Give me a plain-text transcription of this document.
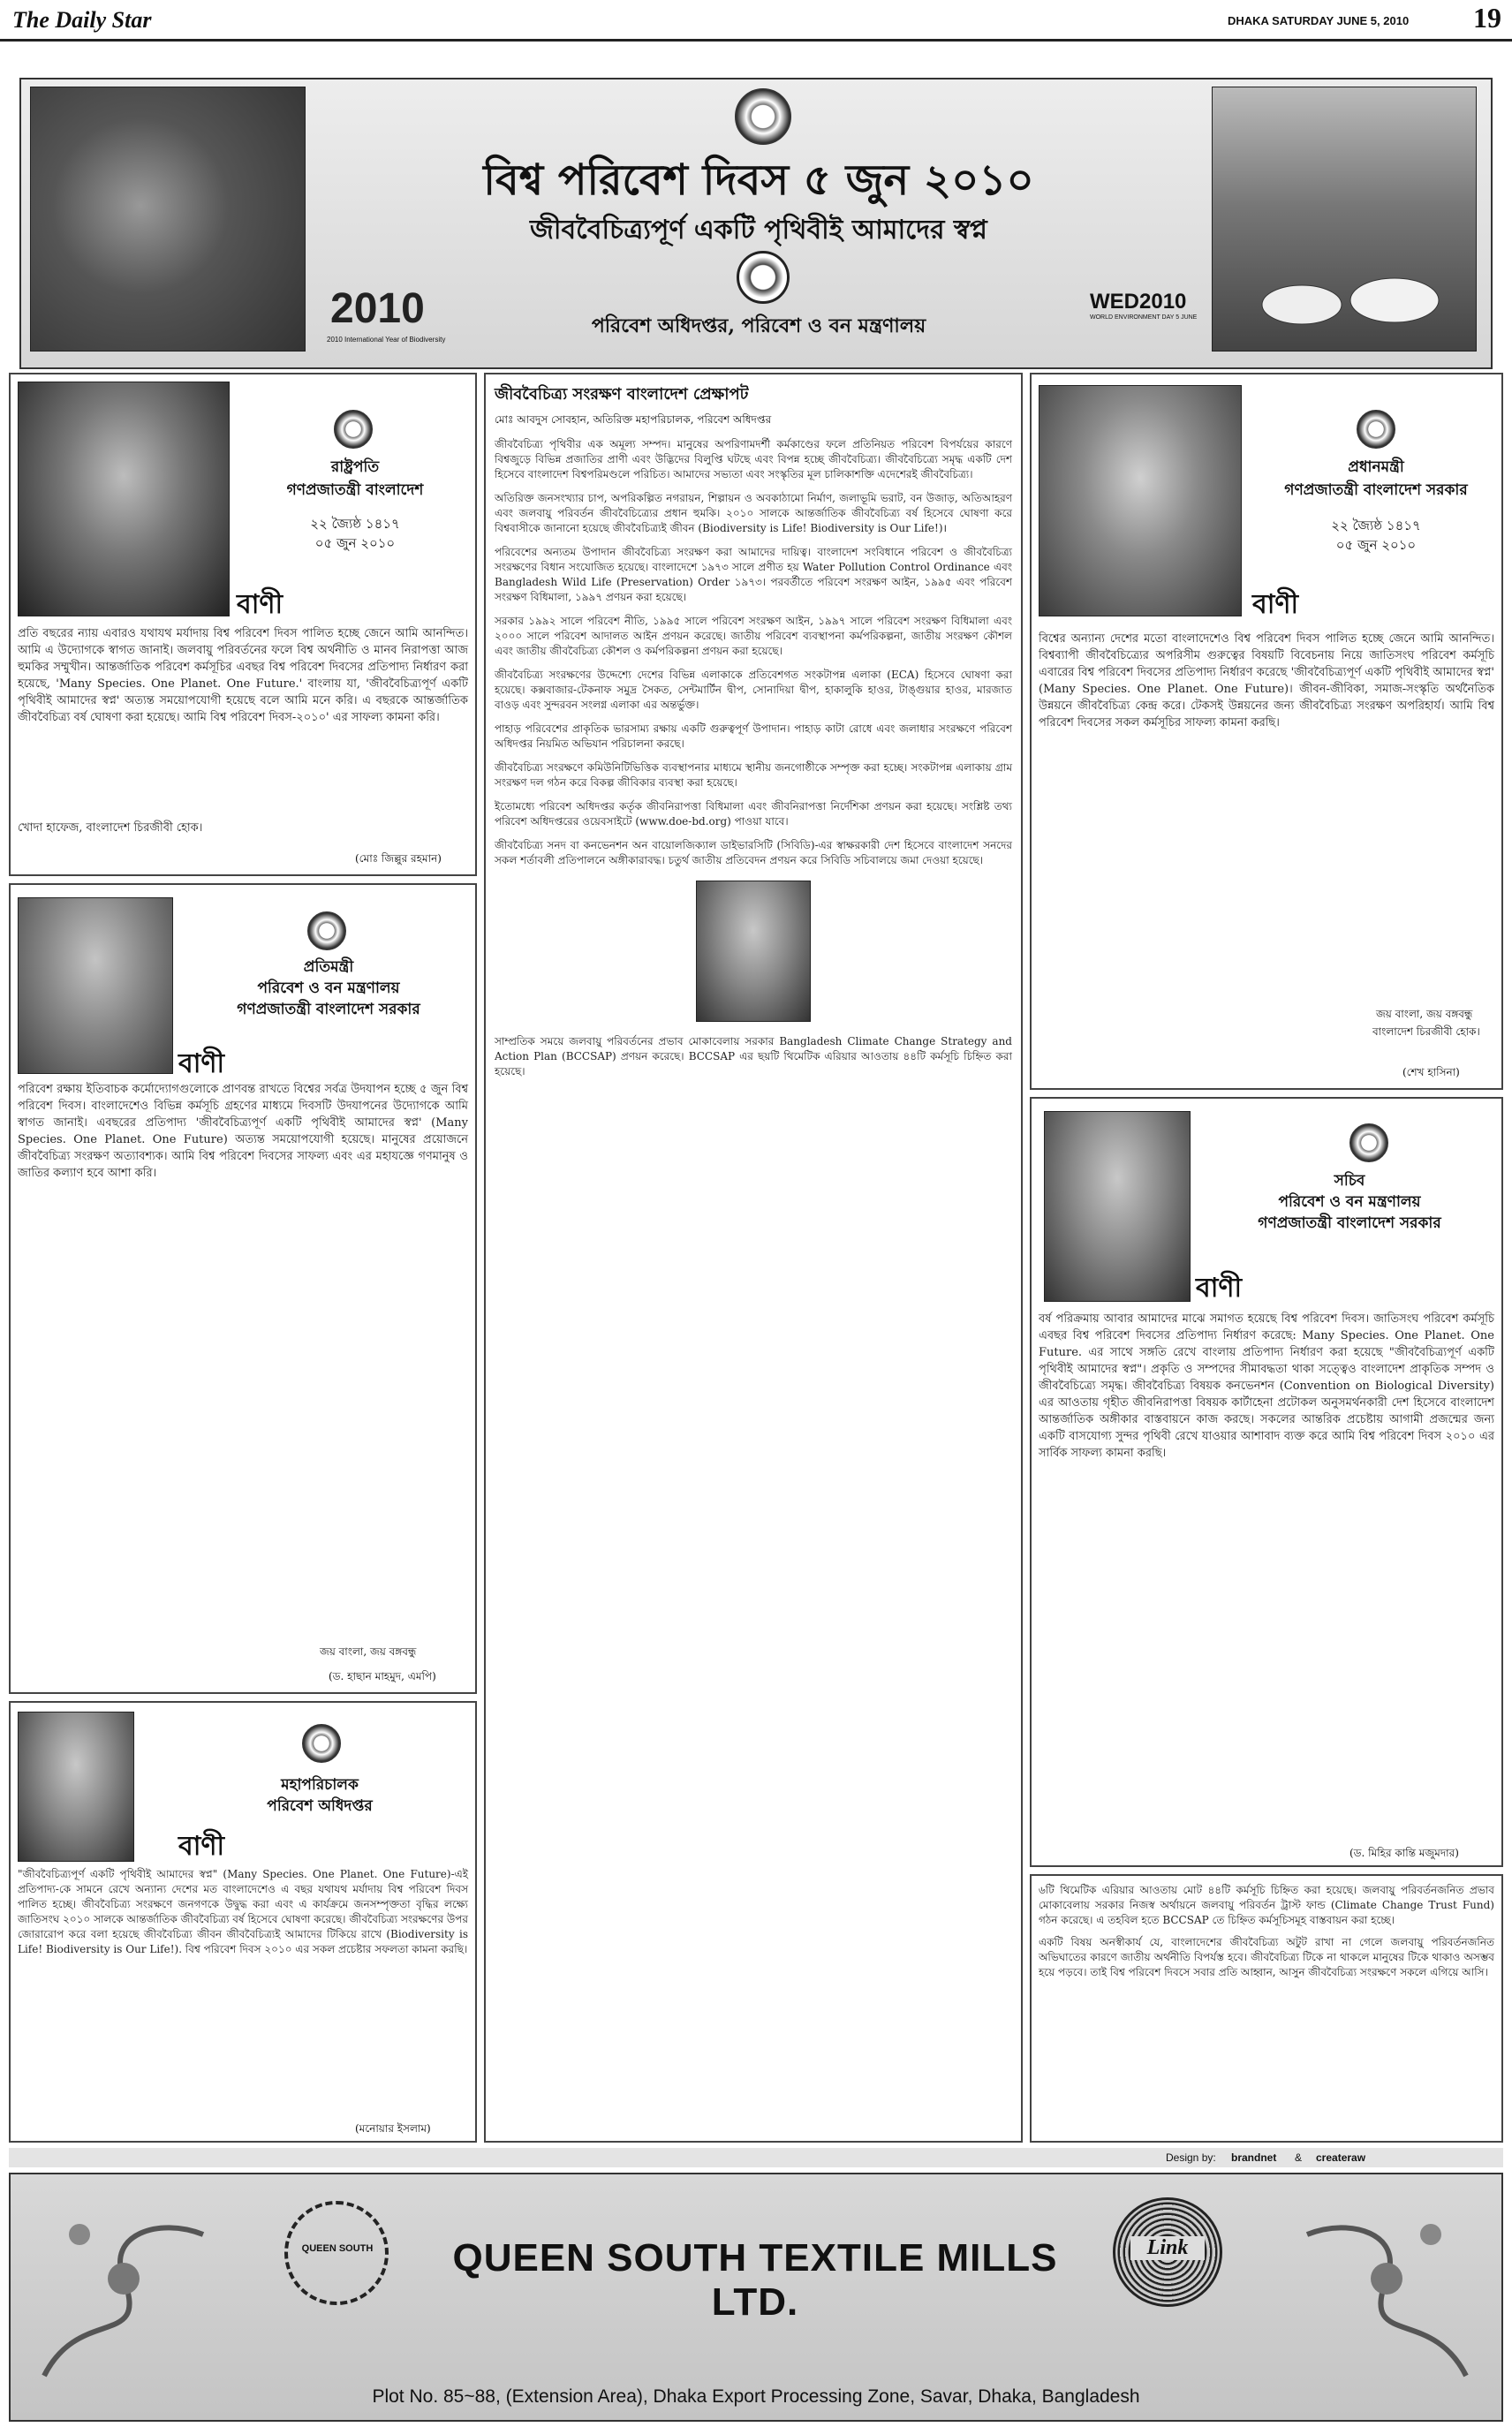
The Daily Star	DHAKA SATURDAY JUNE 5, 2010 19
2010
2010 International Year of Biodiversity
বিশ্ব পরিবেশ দিবস ৫ জুন ২০১০
জীববৈচিত্র্যপূর্ণ একটি পৃথিবীই আমাদের স্বপ্ন
পরিবেশ অধিদপ্তর, পরিবেশ ও বন মন্ত্রণালয়
WED2010
WORLD ENVIRONMENT DAY 5 JUNE
রাষ্ট্রপতি
গণপ্রজাতন্ত্রী বাংলাদেশ
২২ জ্যৈষ্ঠ ১৪১৭
০৫ জুন ২০১০
বাণী

প্রতি বছরের ন্যায় এবারও যথাযথ মর্যাদায় বিশ্ব পরিবেশ দিবস পালিত হচ্ছে জেনে আমি আনন্দিত। আমি এ উদ্যোগকে স্বাগত জানাই। জলবায়ু পরিবর্তনের ফলে বিশ্ব অর্থনীতি ও মানব নিরাপত্তা আজ হুমকির সম্মুখীন। আন্তর্জাতিক পরিবেশ কর্মসূচির এবছর বিশ্ব পরিবেশ দিবসের প্রতিপাদ্য নির্ধারণ করা হয়েছে, 'Many Species. One Planet. One Future.' বাংলায় যা, 'জীববৈচিত্র্যপূর্ণ একটি পৃথিবীই আমাদের স্বপ্ন' অত্যন্ত সময়োপযোগী হয়েছে বলে আমি মনে করি। এ বছরকে আন্তর্জাতিক জীববৈচিত্র্য বর্ষ ঘোষণা করা হয়েছে। আমি বিশ্ব পরিবেশ দিবস-২০১০' এর সাফল্য কামনা করি।

খোদা হাফেজ, বাংলাদেশ চিরজীবী হোক।

(মোঃ জিল্লুর রহমান)
প্রতিমন্ত্রী
পরিবেশ ও বন মন্ত্রণালয়
গণপ্রজাতন্ত্রী বাংলাদেশ সরকার
বাণী

পরিবেশ রক্ষায় ইতিবাচক কর্মোদ্যোগগুলোকে প্রাণবন্ত রাখতে বিশ্বের সর্বত্র উদযাপন হচ্ছে ৫ জুন বিশ্ব পরিবেশ দিবস। বাংলাদেশেও বিভিন্ন কর্মসূচি গ্রহণের মাধ্যমে দিবসটি উদযাপনের উদ্যোগকে আমি স্বাগত জানাই। এবছরের প্রতিপাদ্য 'জীববৈচিত্র্যপূর্ণ একটি পৃথিবীই আমাদের স্বপ্ন' (Many Species. One Planet. One Future) অত্যন্ত সময়োপযোগী হয়েছে। মানুষের প্রয়োজনে জীববৈচিত্র্য সংরক্ষণ অত্যাবশ্যক। আমি বিশ্ব পরিবেশ দিবসের সাফল্য এবং এর মহাযজ্ঞে গণমানুষ ও জাতির কল্যাণ হবে আশা করি।

জয় বাংলা, জয় বঙ্গবন্ধু
(ড. হাছান মাহমুদ, এমপি)
মহাপরিচালক
পরিবেশ অধিদপ্তর
বাণী

"জীববৈচিত্র্যপূর্ণ একটি পৃথিবীই আমাদের স্বপ্ন" (Many Species. One Planet. One Future)-এই প্রতিপাদ্য-কে সামনে রেখে অন্যান্য দেশের মত বাংলাদেশেও এ বছর যথাযথ মর্যাদায় বিশ্ব পরিবেশ দিবস পালিত হচ্ছে। জীববৈচিত্র্য সংরক্ষণে জনগণকে উদ্বুদ্ধ করা এবং এ কার্যক্রমে জনসম্পৃক্ততা বৃদ্ধির লক্ষ্যে জাতিসংঘ ২০১০ সালকে আন্তর্জাতিক জীববৈচিত্র্য বর্ষ হিসেবে ঘোষণা করেছে। জীববৈচিত্র্য সংরক্ষণের উপর জোরারোপ করে বলা হয়েছে জীববৈচিত্র্য জীবন জীববৈচিত্র্যই আমাদের টিকিয়ে রাখে (Biodiversity is Life! Biodiversity is Our Life!). বিশ্ব পরিবেশ দিবস ২০১০ এর সকল প্রচেষ্টার সফলতা কামনা করছি।

(মনোয়ার ইসলাম)
জীববৈচিত্র্য সংরক্ষণ বাংলাদেশ প্রেক্ষাপট
মোঃ আবদুস সোবহান, অতিরিক্ত মহাপরিচালক, পরিবেশ অধিদপ্তর

জীববৈচিত্র্য পৃথিবীর এক অমূল্য সম্পদ। মানুষের অপরিণামদর্শী কর্মকাণ্ডের ফলে প্রতিনিয়ত পরিবেশ বিপর্যয়ের কারণে বিশ্বজুড়ে বিভিন্ন প্রজাতির প্রাণী এবং উদ্ভিদের বিলুপ্তি ঘটছে এবং বিপন্ন হচ্ছে জীববৈচিত্র্য। জীববৈচিত্র্যে সমৃদ্ধ একটি দেশ হিসেবে বাংলাদেশ বিশ্বপরিমণ্ডলে পরিচিত। আমাদের সভ্যতা এবং সংস্কৃতির মূল চালিকাশক্তি এদেশেরই জীববৈচিত্র্য।

অতিরিক্ত জনসংখ্যার চাপ, অপরিকল্পিত নগরায়ন, শিল্পায়ন ও অবকাঠামো নির্মাণ, জলাভূমি ভরাট, বন উজাড়, অতিআহরণ এবং জলবায়ু পরিবর্তন জীববৈচিত্র্যের প্রধান হুমকি। ২০১০ সালকে আন্তর্জাতিক জীববৈচিত্র্য বর্ষ হিসেবে ঘোষণা করে বিশ্ববাসীকে জানানো হয়েছে জীববৈচিত্র্যই জীবন (Biodiversity is Life! Biodiversity is Our Life!)।

পরিবেশের অন্যতম উপাদান জীববৈচিত্র্য সংরক্ষণ করা আমাদের দায়িত্ব। বাংলাদেশ সংবিধানে পরিবেশ ও জীববৈচিত্র্য সংরক্ষণের বিধান সংযোজিত হয়েছে। বাংলাদেশে ১৯৭৩ সালে প্রণীত হয় Water Pollution Control Ordinance এবং Bangladesh Wild Life (Preservation) Order ১৯৭৩। পরবর্তীতে পরিবেশ সংরক্ষণ আইন, ১৯৯৫ এবং পরিবেশ সংরক্ষণ বিধিমালা, ১৯৯৭ প্রণয়ন করা হয়েছে।

সরকার ১৯৯২ সালে পরিবেশ নীতি, ১৯৯৫ সালে পরিবেশ সংরক্ষণ আইন, ১৯৯৭ সালে পরিবেশ সংরক্ষণ বিধিমালা এবং ২০০০ সালে পরিবেশ আদালত আইন প্রণয়ন করেছে। জাতীয় পরিবেশ ব্যবস্থাপনা কর্মপরিকল্পনা, জাতীয় সংরক্ষণ কৌশল এবং জাতীয় জীববৈচিত্র্য কৌশল ও কর্মপরিকল্পনা প্রণয়ন করা হয়েছে।

জীববৈচিত্র্য সংরক্ষণের উদ্দেশ্যে দেশের বিভিন্ন এলাকাকে প্রতিবেশগত সংকটাপন্ন এলাকা (ECA) হিসেবে ঘোষণা করা হয়েছে। কক্সবাজার-টেকনাফ সমুদ্র সৈকত, সেন্টমার্টিন দ্বীপ, সোনাদিয়া দ্বীপ, হাকালুকি হাওর, টাঙ্গুয়ার হাওর, মারজাত বাওড় এবং সুন্দরবন সংলগ্ন এলাকা এর অন্তর্ভুক্ত।

পাহাড় পরিবেশের প্রাকৃতিক ভারসাম্য রক্ষায় একটি গুরুত্বপূর্ণ উপাদান। পাহাড় কাটা রোধে এবং জলাধার সংরক্ষণে পরিবেশ অধিদপ্তর নিয়মিত অভিযান পরিচালনা করছে।

জীববৈচিত্র্য সংরক্ষণে কমিউনিটিভিত্তিক ব্যবস্থাপনার মাধ্যমে স্থানীয় জনগোষ্ঠীকে সম্পৃক্ত করা হচ্ছে। সংকটাপন্ন এলাকায় গ্রাম সংরক্ষণ দল গঠন করে বিকল্প জীবিকার ব্যবস্থা করা হয়েছে।

ইতোমধ্যে পরিবেশ অধিদপ্তর কর্তৃক জীবনিরাপত্তা বিধিমালা এবং জীবনিরাপত্তা নির্দেশিকা প্রণয়ন করা হয়েছে। সংশ্লিষ্ট তথ্য পরিবেশ অধিদপ্তরের ওয়েবসাইটে (www.doe-bd.org) পাওয়া যাবে।

জীববৈচিত্র্য সনদ বা কনভেনশন অন বায়োলজিক্যাল ডাইভারসিটি (সিবিডি)-এর স্বাক্ষরকারী দেশ হিসেবে বাংলাদেশ সনদের সকল শর্তাবলী প্রতিপালনে অঙ্গীকারাবদ্ধ। চতুর্থ জাতীয় প্রতিবেদন প্রণয়ন করে সিবিডি সচিবালয়ে জমা দেওয়া হয়েছে।

সাম্প্রতিক সময়ে জলবায়ু পরিবর্তনের প্রভাব মোকাবেলায় সরকার Bangladesh Climate Change Strategy and Action Plan (BCCSAP) প্রণয়ন করেছে। BCCSAP এর ছয়টি থিমেটিক এরিয়ার আওতায় ৪৪টি কর্মসূচি চিহ্নিত করা হয়েছে।

প্রধানমন্ত্রী
গণপ্রজাতন্ত্রী বাংলাদেশ সরকার
২২ জ্যৈষ্ঠ ১৪১৭
০৫ জুন ২০১০
বাণী

বিশ্বের অন্যান্য দেশের মতো বাংলাদেশেও বিশ্ব পরিবেশ দিবস পালিত হচ্ছে জেনে আমি আনন্দিত। বিশ্বব্যাপী জীববৈচিত্র্যের অপরিসীম গুরুত্বের বিষয়টি বিবেচনায় নিয়ে জাতিসংঘ পরিবেশ কর্মসূচি এবারের বিশ্ব পরিবেশ দিবসের প্রতিপাদ্য নির্ধারণ করেছে 'জীববৈচিত্র্যপূর্ণ একটি পৃথিবীই আমাদের স্বপ্ন' (Many Species. One Planet. One Future)। জীবন-জীবিকা, সমাজ-সংস্কৃতি অর্থনৈতিক উন্নয়নে জীববৈচিত্র্য কেন্দ্র করে। টেকসই উন্নয়নের জন্য জীববৈচিত্র্য সংরক্ষণ অপরিহার্য। আমি বিশ্ব পরিবেশ দিবসের সকল কর্মসূচির সাফল্য কামনা করছি।

জয় বাংলা, জয় বঙ্গবন্ধু
বাংলাদেশ চিরজীবী হোক।
(শেখ হাসিনা)
সচিব
পরিবেশ ও বন মন্ত্রণালয়
গণপ্রজাতন্ত্রী বাংলাদেশ সরকার
বাণী

বর্ষ পরিক্রমায় আবার আমাদের মাঝে সমাগত হয়েছে বিশ্ব পরিবেশ দিবস। জাতিসংঘ পরিবেশ কর্মসূচি এবছর বিশ্ব পরিবেশ দিবসের প্রতিপাদ্য নির্ধারণ করেছে: Many Species. One Planet. One Future. এর সাথে সঙ্গতি রেখে বাংলায় প্রতিপাদ্য নির্ধারণ করা হয়েছে "জীববৈচিত্র্যপূর্ণ একটি পৃথিবীই আমাদের স্বপ্ন"। প্রকৃতি ও সম্পদের সীমাবদ্ধতা থাকা সত্ত্বেও বাংলাদেশ প্রাকৃতিক সম্পদ ও জীববৈচিত্র্যে সমৃদ্ধ। জীববৈচিত্র্য বিষয়ক কনভেনশন (Convention on Biological Diversity) এর আওতায় গৃহীত জীবনিরাপত্তা বিষয়ক কার্টাহেনা প্রটোকল অনুসমর্থনকারী দেশ হিসেবে বাংলাদেশ আন্তর্জাতিক অঙ্গীকার বাস্তবায়নে কাজ করছে। সকলের আন্তরিক প্রচেষ্টায় আগামী প্রজন্মের জন্য একটি বাসযোগ্য সুন্দর পৃথিবী রেখে যাওয়ার আশাবাদ ব্যক্ত করে আমি বিশ্ব পরিবেশ দিবস ২০১০ এর সার্বিক সাফল্য কামনা করছি।

(ড. মিহির কান্তি মজুমদার)

৬টি থিমেটিক এরিয়ার আওতায় মোট ৪৪টি কর্মসূচি চিহ্নিত করা হয়েছে। জলবায়ু পরিবর্তনজনিত প্রভাব মোকাবেলায় সরকার নিজস্ব অর্থায়নে জলবায়ু পরিবর্তন ট্রাস্ট ফান্ড (Climate Change Trust Fund) গঠন করেছে। এ তহবিল হতে BCCSAP তে চিহ্নিত কর্মসূচিসমূহ বাস্তবায়ন করা হচ্ছে।

একটি বিষয় অনস্বীকার্য যে, বাংলাদেশের জীববৈচিত্র্য অটুট রাখা না গেলে জলবায়ু পরিবর্তনজনিত অভিঘাতের কারণে জাতীয় অর্থনীতি বিপর্যস্ত হবে। জীববৈচিত্র্য টিকে না থাকলে মানুষের টিকে থাকাও অসম্ভব হয়ে পড়বে। তাই বিশ্ব পরিবেশ দিবসে সবার প্রতি আহ্বান, আসুন জীববৈচিত্র্য সংরক্ষণে সকলে এগিয়ে আসি।

Design by: brandnet & createraw
QUEEN SOUTH	QUEEN SOUTH TEXTILE MILLS LTD.
Link
Plot No. 85~88, (Extension Area), Dhaka Export Processing Zone, Savar, Dhaka, Bangladesh
